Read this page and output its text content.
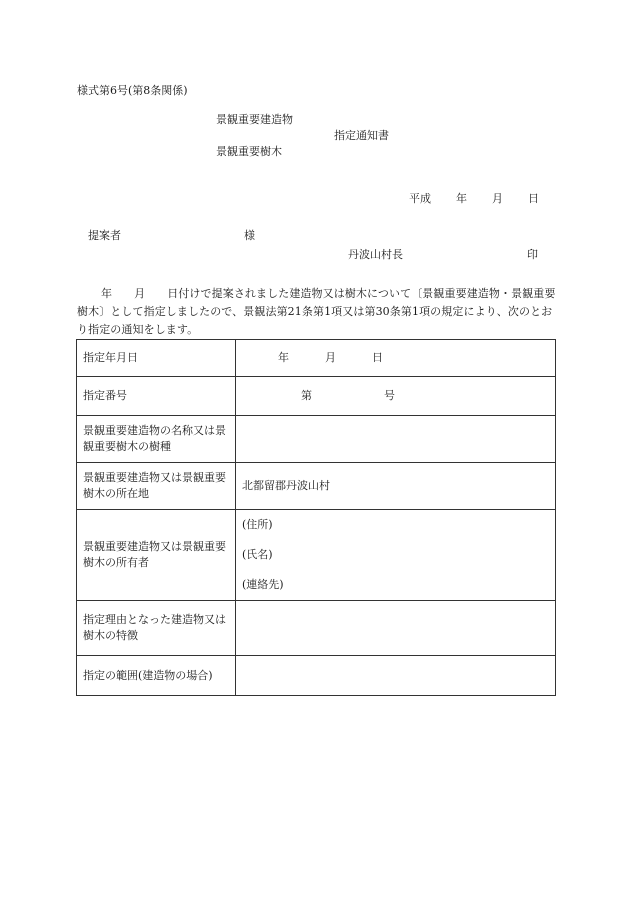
様式第6号(第8条関係)
景観重要建造物
指定通知書
景観重要樹木
平成 年 月 日
提案者	様
丹波山村長	印
年 月 日付けで提案されました建造物又は樹木について〔景観重要建造物・景観重要樹木〕として指定しましたので、景観法第21条第1項又は第30条第1項の規定により、次のとおり指定の通知をします。
指定年月日	年 月 日
指定番号	第 号
景観重要建造物の名称又は景観重要樹木の樹種	
景観重要建造物又は景観重要樹木の所在地	北都留郡丹波山村
景観重要建造物又は景観重要樹木の所有者	(住所)
(氏名)
(連絡先)

指定理由となった建造物又は樹木の特徴	
指定の範囲(建造物の場合)	
